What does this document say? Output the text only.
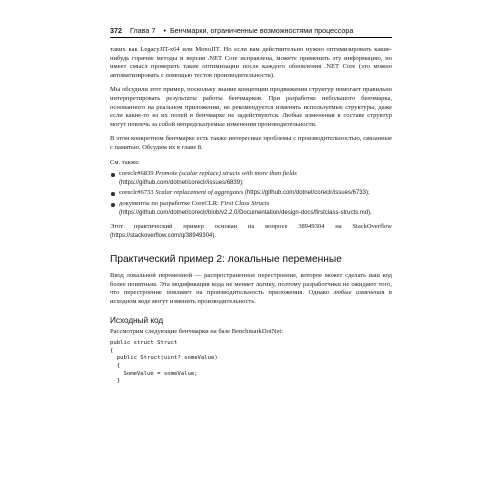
372 Глава 7 • Бенчмарки, ограниченные возможностями процессора

таких как LegacyJIT-x64 или MonoJIT. Но если вам действительно нужно оптимизировать какие-нибудь горячие методы и версия .NET Core исправлена, можете применить эту информацию, но имеет смысл проверить такие оптимизации после каждого обновления .NET Core (это можно автоматизировать с помощью тестов производительности).

Мы обсудили этот пример, поскольку знание концепции продвижения структур помогает правильно интерпретировать результаты работы бенчмарков. При разработке небольшого бенчмарка, основанного на реальном приложении, не рекомендуется изменять используемые структуры, даже если какие-то из их полей в бенчмарке не задействуются. Любые изменения в составе структур могут повлечь за собой непредсказуемые изменения производительности.

В этом конкретном бенчмарке есть также интересные проблемы с производительностью, связанные с памятью. Обсудим их в главе 8.

См. также:

coreclr#6839 Promote (scalar replace) structs with more than fields (https://github.com/dotnet/coreclr/issues/6839);
coreclr#6733 Scalar replacement of aggregates (https://github.com/dotnet/coreclr/issues/6733);
документы по разработке CoreCLR: First Class Structs (https://github.com/dotnet/coreclr/blob/v2.2.0/Documentation/design-docs/firstclass-structs.md).

Этот практический пример основан на вопросе 38949304 на StackOverflow (https://stackoverflow.com/q/38949304).

Практический пример 2: локальные переменные

Ввод локальной переменной — распространенное перестроение, которое может сделать ваш код более понятным. Эта модификация кода не меняет логику, поэтому разработчики не ожидают того, что перестроение повлияет на производительность приложения. Однако любые изменения в исходном коде могут изменить производительность.

Исходный код

Рассмотрим следующие бенчмарки на базе BenchmarkDotNet:

public struct Struct
{
public Struct(uint? someValue)
{
SomeValue = someValue;
}
